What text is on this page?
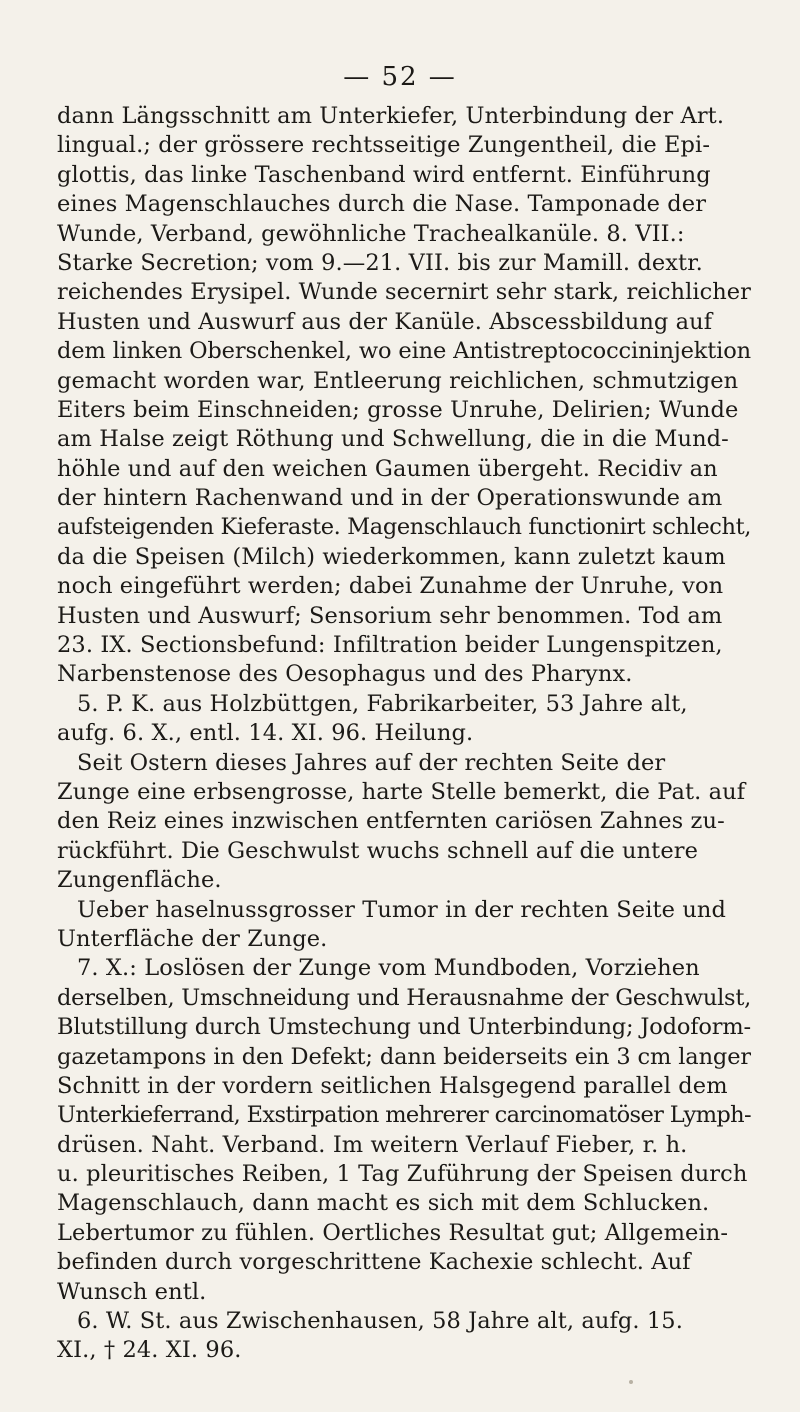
— 52 —
dann Längsschnitt am Unterkiefer, Unterbindung der Art.
lingual.; der grössere rechtsseitige Zungentheil, die Epi-
glottis, das linke Taschenband wird entfernt. Einführung
eines Magenschlauches durch die Nase. Tamponade der
Wunde, Verband, gewöhnliche Trachealkanüle. 8. VII.:
Starke Secretion; vom 9.—21. VII. bis zur Mamill. dextr.
reichendes Erysipel. Wunde secernirt sehr stark, reichlicher
Husten und Auswurf aus der Kanüle. Abscessbildung auf
dem linken Oberschenkel, wo eine Antistreptococcininjektion
gemacht worden war, Entleerung reichlichen, schmutzigen
Eiters beim Einschneiden; grosse Unruhe, Delirien; Wunde
am Halse zeigt Röthung und Schwellung, die in die Mund-
höhle und auf den weichen Gaumen übergeht. Recidiv an
der hintern Rachenwand und in der Operationswunde am
aufsteigenden Kieferaste. Magenschlauch functionirt schlecht,
da die Speisen (Milch) wiederkommen, kann zuletzt kaum
noch eingeführt werden; dabei Zunahme der Unruhe, von
Husten und Auswurf; Sensorium sehr benommen. Tod am
23. IX. Sectionsbefund: Infiltration beider Lungenspitzen,
Narbenstenose des Oesophagus und des Pharynx.
5. P. K. aus Holzbüttgen, Fabrikarbeiter, 53 Jahre alt,
aufg. 6. X., entl. 14. XI. 96. Heilung.
Seit Ostern dieses Jahres auf der rechten Seite der
Zunge eine erbsengrosse, harte Stelle bemerkt, die Pat. auf
den Reiz eines inzwischen entfernten cariösen Zahnes zu-
rückführt. Die Geschwulst wuchs schnell auf die untere
Zungenfläche.
Ueber haselnussgrosser Tumor in der rechten Seite und
Unterfläche der Zunge.
7. X.: Loslösen der Zunge vom Mundboden, Vorziehen
derselben, Umschneidung und Herausnahme der Geschwulst,
Blutstillung durch Umstechung und Unterbindung; Jodoform-
gazetampons in den Defekt; dann beiderseits ein 3 cm langer
Schnitt in der vordern seitlichen Halsgegend parallel dem
Unterkieferrand, Exstirpation mehrerer carcinomatöser Lymph-
drüsen. Naht. Verband. Im weitern Verlauf Fieber, r. h.
u. pleuritisches Reiben, 1 Tag Zuführung der Speisen durch
Magenschlauch, dann macht es sich mit dem Schlucken.
Lebertumor zu fühlen. Oertliches Resultat gut; Allgemein-
befinden durch vorgeschrittene Kachexie schlecht. Auf
Wunsch entl.
6. W. St. aus Zwischenhausen, 58 Jahre alt, aufg. 15.
XI., † 24. XI. 96.
